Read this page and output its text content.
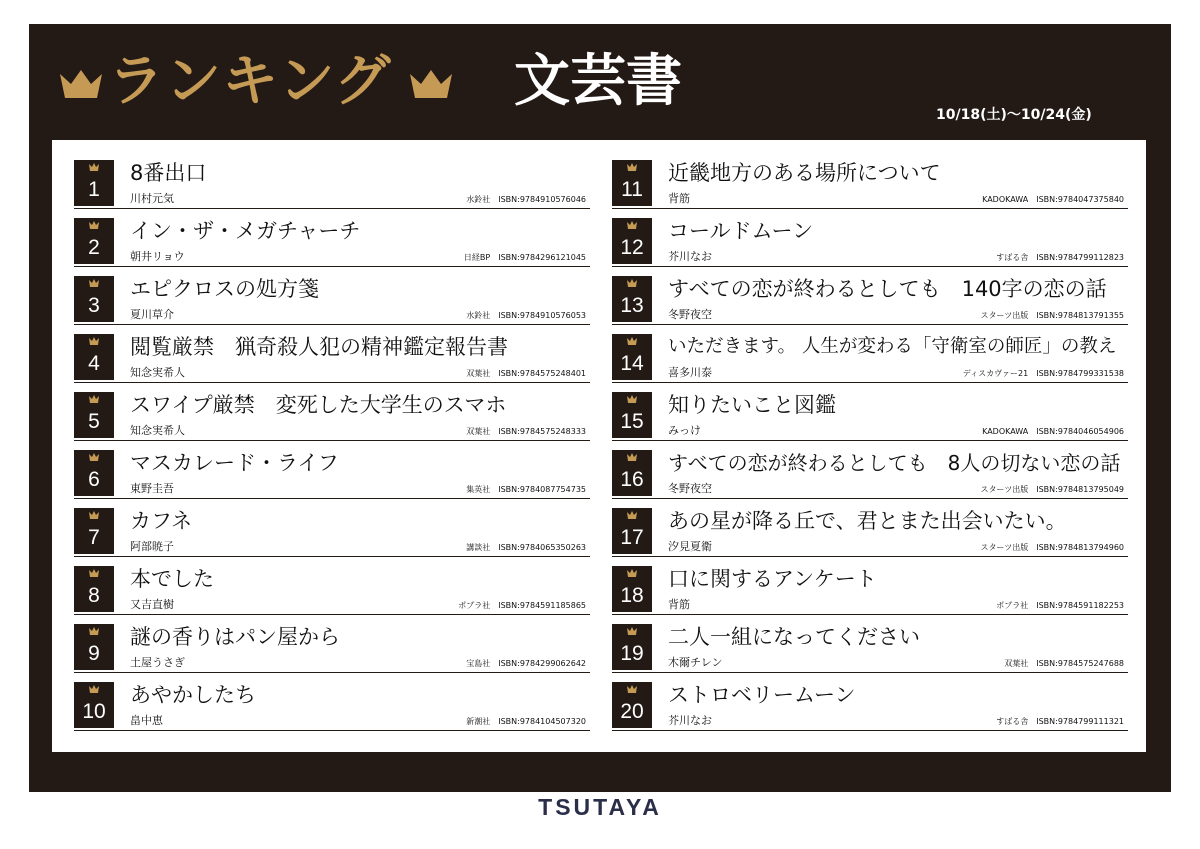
ランキング 文芸書
10/18(土)～10/24(金)
1
8番出口
川村元気	水鈴社 ISBN:9784910576046
2
イン・ザ・メガチャーチ
朝井リョウ	日経BP ISBN:9784296121045
3
エピクロスの処方箋
夏川草介	水鈴社 ISBN:9784910576053
4
閲覧厳禁　猟奇殺人犯の精神鑑定報告書
知念実希人	双葉社 ISBN:9784575248401
5
スワイプ厳禁　変死した大学生のスマホ
知念実希人	双葉社 ISBN:9784575248333
6
マスカレード・ライフ
東野圭吾	集英社 ISBN:9784087754735
7
カフネ
阿部暁子	講談社 ISBN:9784065350263
8
本でした
又吉直樹	ポプラ社 ISBN:9784591185865
9
謎の香りはパン屋から
土屋うさぎ	宝島社 ISBN:9784299062642
10
あやかしたち
畠中恵	新潮社 ISBN:9784104507320
11
近畿地方のある場所について
背筋	KADOKAWA ISBN:9784047375840
12
コールドムーン
芥川なお	すばる舎 ISBN:9784799112823
13
すべての恋が終わるとしても　140字の恋の話
冬野夜空	スターツ出版 ISBN:9784813791355
14
いただきます。 人生が変わる「守衛室の師匠」の教え
喜多川泰	ディスカヴァー21 ISBN:9784799331538
15
知りたいこと図鑑
みっけ	KADOKAWA ISBN:9784046054906
16
すべての恋が終わるとしても　8人の切ない恋の話
冬野夜空	スターツ出版 ISBN:9784813795049
17
あの星が降る丘で、君とまた出会いたい。
汐見夏衛	スターツ出版 ISBN:9784813794960
18
口に関するアンケート
背筋	ポプラ社 ISBN:9784591182253
19
二人一組になってください
木爾チレン	双葉社 ISBN:9784575247688
20
ストロベリームーン
芥川なお	すばる舎 ISBN:9784799111321
TSUTAYA
